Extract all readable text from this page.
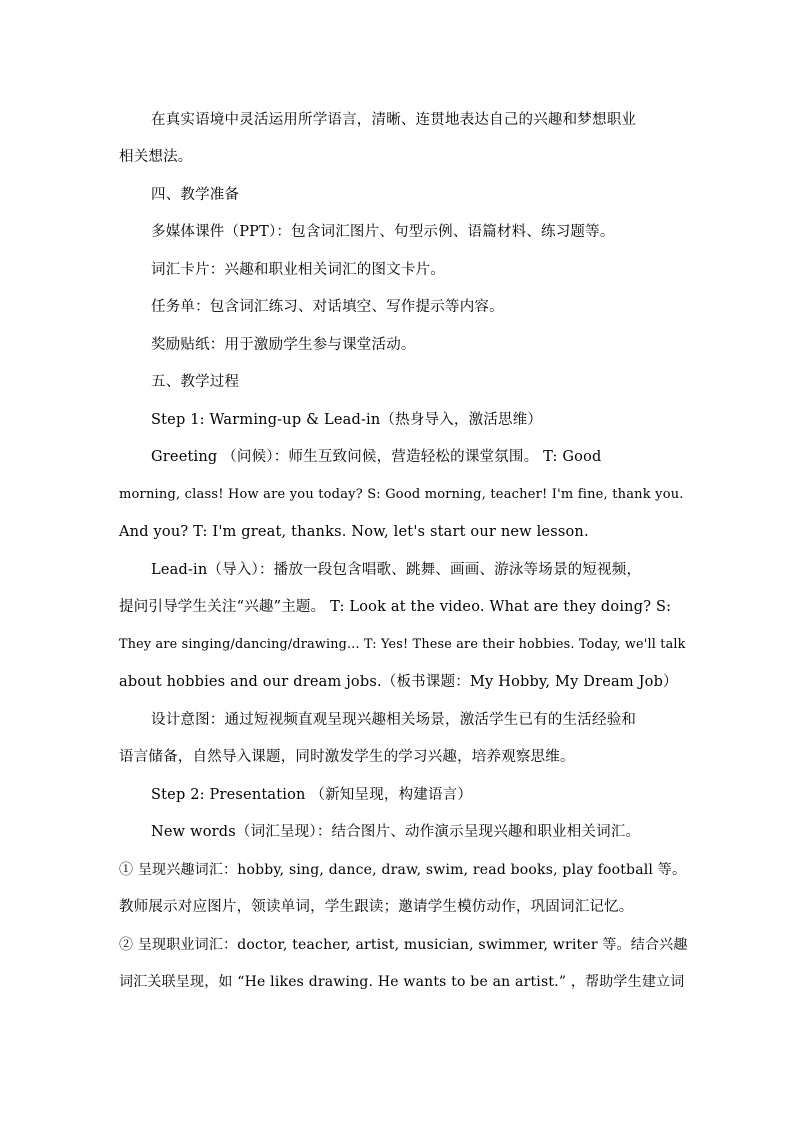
在真实语境中灵活运用所学语言，清晰、连贯地表达自己的兴趣和梦想职业
相关想法。
四、教学准备
多媒体课件（PPT）：包含词汇图片、句型示例、语篇材料、练习题等。
词汇卡片：兴趣和职业相关词汇的图文卡片。
任务单：包含词汇练习、对话填空、写作提示等内容。
奖励贴纸：用于激励学生参与课堂活动。
五、教学过程
Step 1: Warming-up & Lead-in（热身导入，激活思维）
Greeting （问候）：师生互致问候，营造轻松的课堂氛围。 T: Good
morning, class! How are you today? S: Good morning, teacher! I'm fine, thank you.
And you? T: I'm great, thanks. Now, let's start our new lesson.
Lead-in（导入）：播放一段包含唱歌、跳舞、画画、游泳等场景的短视频，
提问引导学生关注“兴趣”主题。 T: Look at the video. What are they doing? S:
They are singing/dancing/drawing... T: Yes! These are their hobbies. Today, we'll talk
about hobbies and our dream jobs.（板书课题：My Hobby, My Dream Job）
设计意图：通过短视频直观呈现兴趣相关场景，激活学生已有的生活经验和
语言储备，自然导入课题，同时激发学生的学习兴趣，培养观察思维。
Step 2: Presentation （新知呈现，构建语言）
New words（词汇呈现）：结合图片、动作演示呈现兴趣和职业相关词汇。
① 呈现兴趣词汇：hobby, sing, dance, draw, swim, read books, play football 等。
教师展示对应图片，领读单词，学生跟读；邀请学生模仿动作，巩固词汇记忆。
② 呈现职业词汇：doctor, teacher, artist, musician, swimmer, writer 等。结合兴趣
词汇关联呈现，如 “He likes drawing. He wants to be an artist.” ，帮助学生建立词
